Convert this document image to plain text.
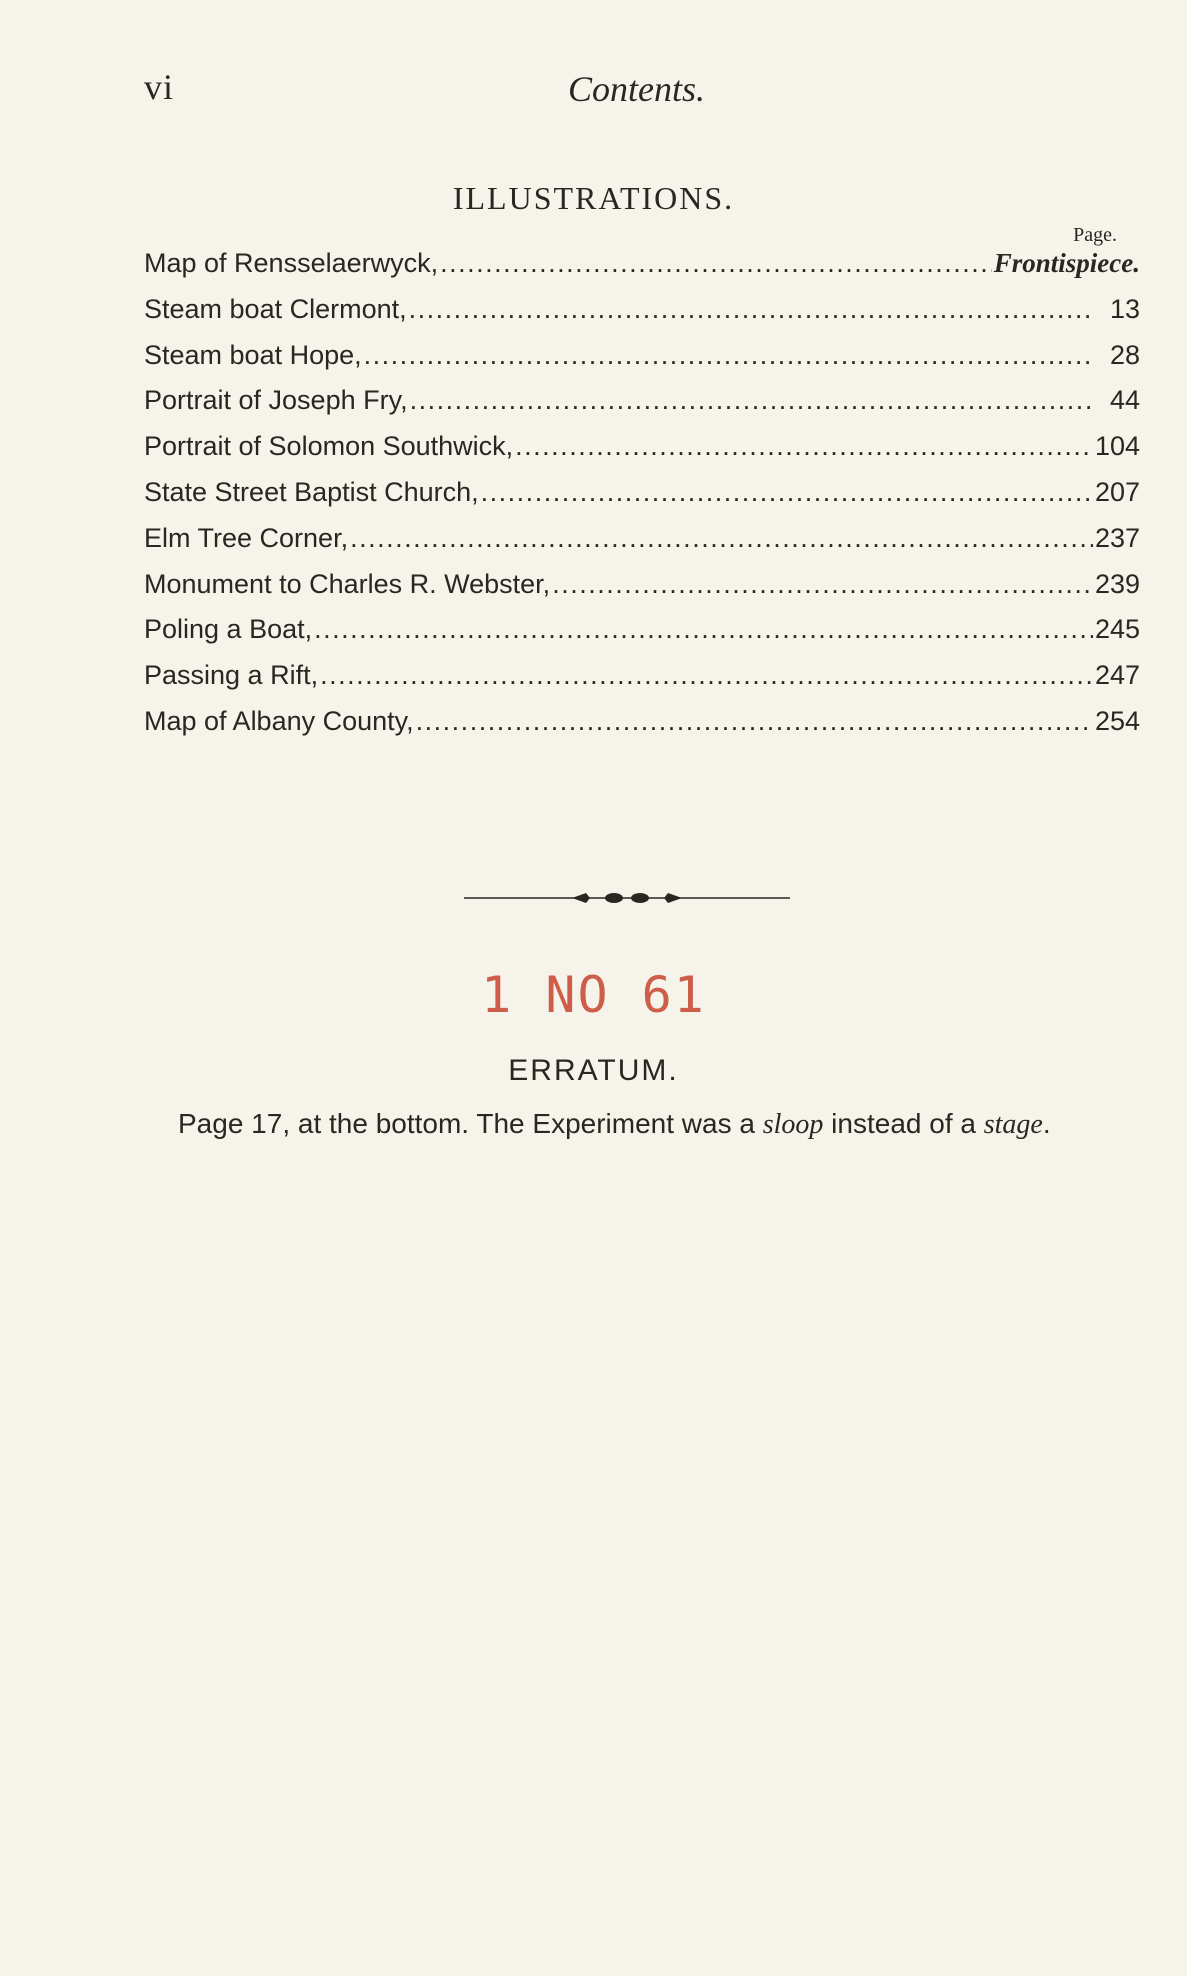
vi	Contents.
ILLUSTRATIONS.
Page.
Map of Rensselaerwyck, . . .	Frontispiece.
Steam boat Clermont, . . .	13
Steam boat Hope, . . .	28
Portrait of Joseph Fry, . . .	44
Portrait of Solomon Southwick, . . .	104
State Street Baptist Church, . . .	207
Elm Tree Corner, . . .	237
Monument to Charles R. Webster, . . .	239
Poling a Boat, . . .	245
Passing a Rift, . . .	247
Map of Albany County, . . .	254
1 NO 61
ERRATUM.
Page 17, at the bottom. The Experiment was a sloop instead of a stage.
